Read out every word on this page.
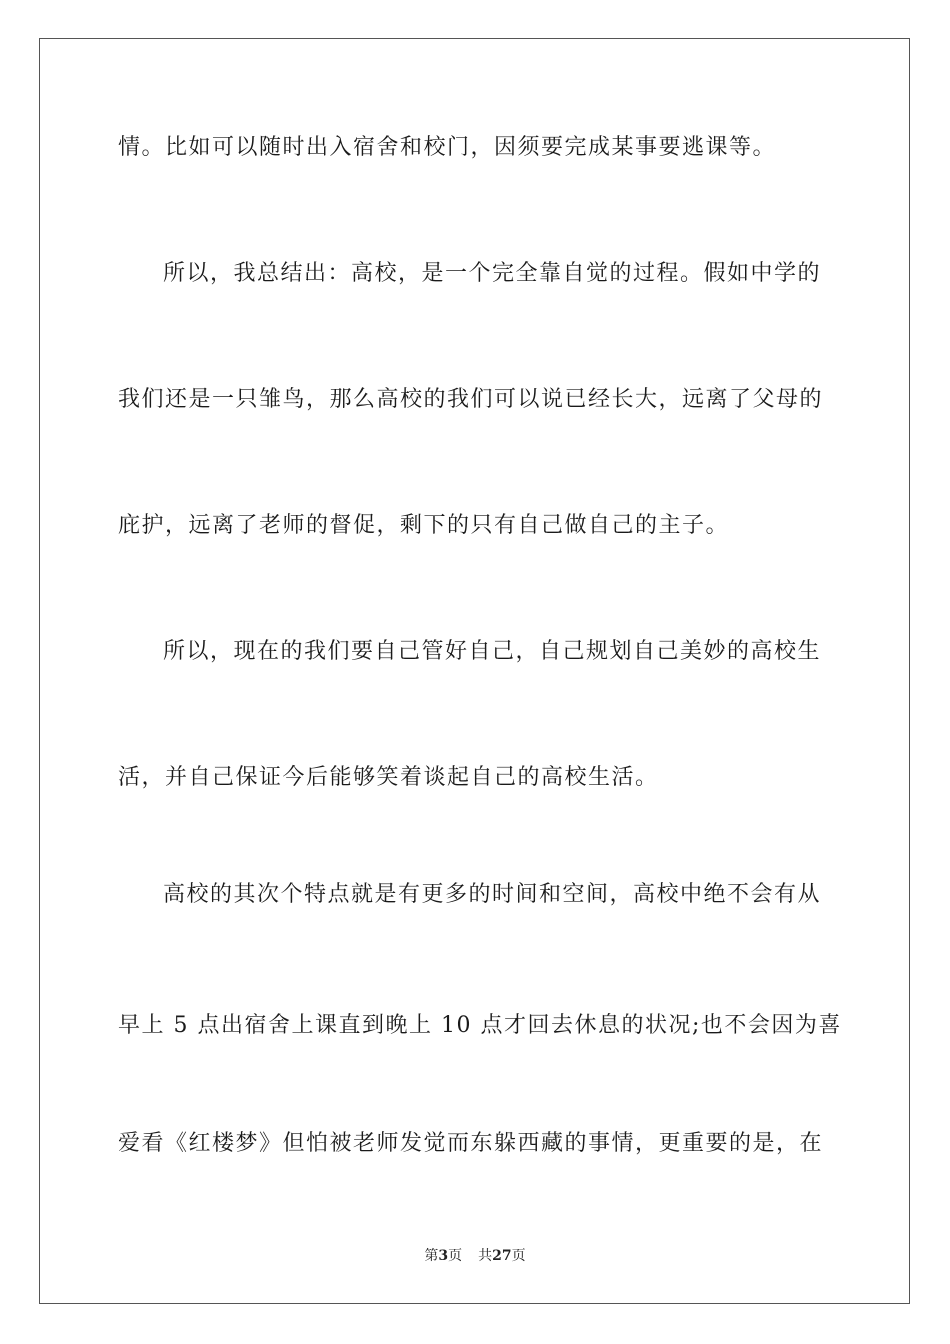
情。比如可以随时出入宿舍和校门，因须要完成某事要逃课等。
所以，我总结出：高校，是一个完全靠自觉的过程。假如中学的
我们还是一只雏鸟，那么高校的我们可以说已经长大，远离了父母的
庇护，远离了老师的督促，剩下的只有自己做自己的主子。
所以，现在的我们要自己管好自己，自己规划自己美妙的高校生
活，并自己保证今后能够笑着谈起自己的高校生活。
高校的其次个特点就是有更多的时间和空间，高校中绝不会有从
早上 5 点出宿舍上课直到晚上 10 点才回去休息的状况;也不会因为喜
爱看《红楼梦》但怕被老师发觉而东躲西藏的事情，更重要的是，在
第3页 共27页
